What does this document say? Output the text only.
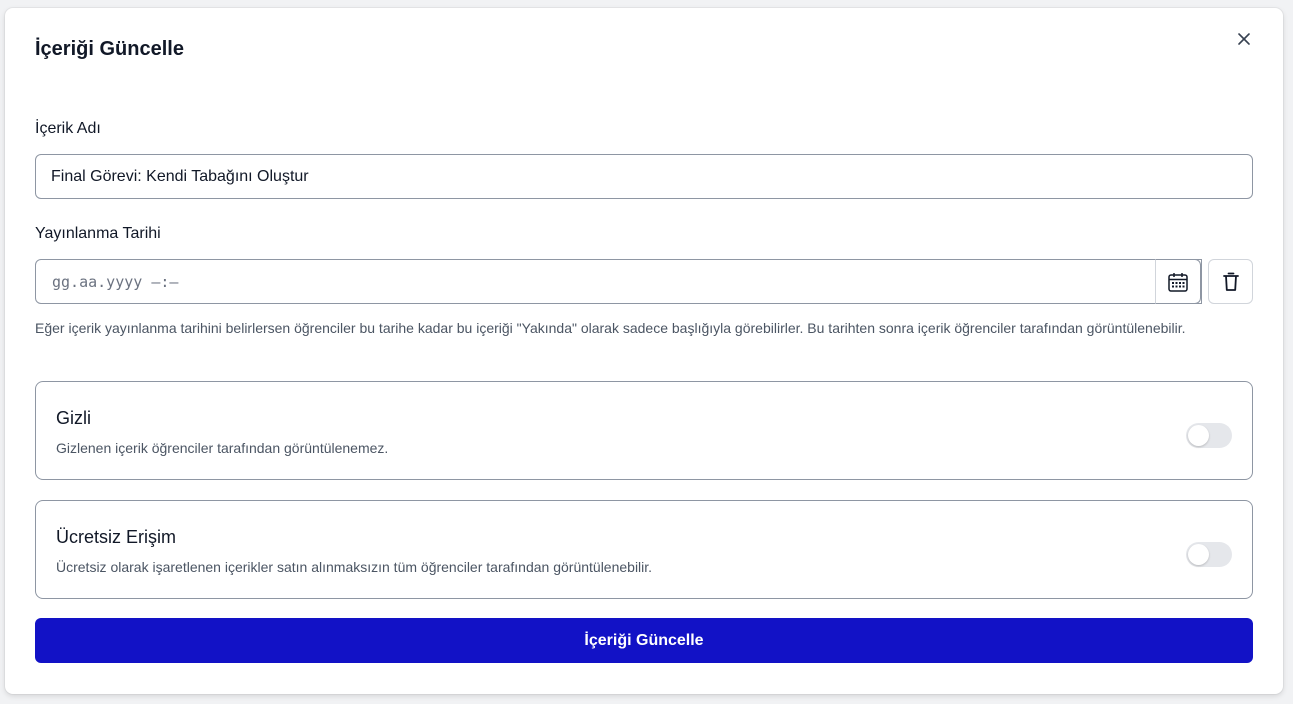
İçeriği Güncelle
İçerik Adı
Final Görevi: Kendi Tabağını Oluştur
Yayınlanma Tarihi
gg.aa.yyyy —:—

Eğer içerik yayınlanma tarihini belirlersen öğrenciler bu tarihe kadar bu içeriği "Yakında" olarak sadece başlığıyla görebilirler. Bu tarihten sonra içerik öğrenciler tarafından görüntülenebilir.

Gizli
Gizlenen içerik öğrenciler tarafından görüntülenemez.
Ücretsiz Erişim
Ücretsiz olarak işaretlenen içerikler satın alınmaksızın tüm öğrenciler tarafından görüntülenebilir.
İçeriği Güncelle
